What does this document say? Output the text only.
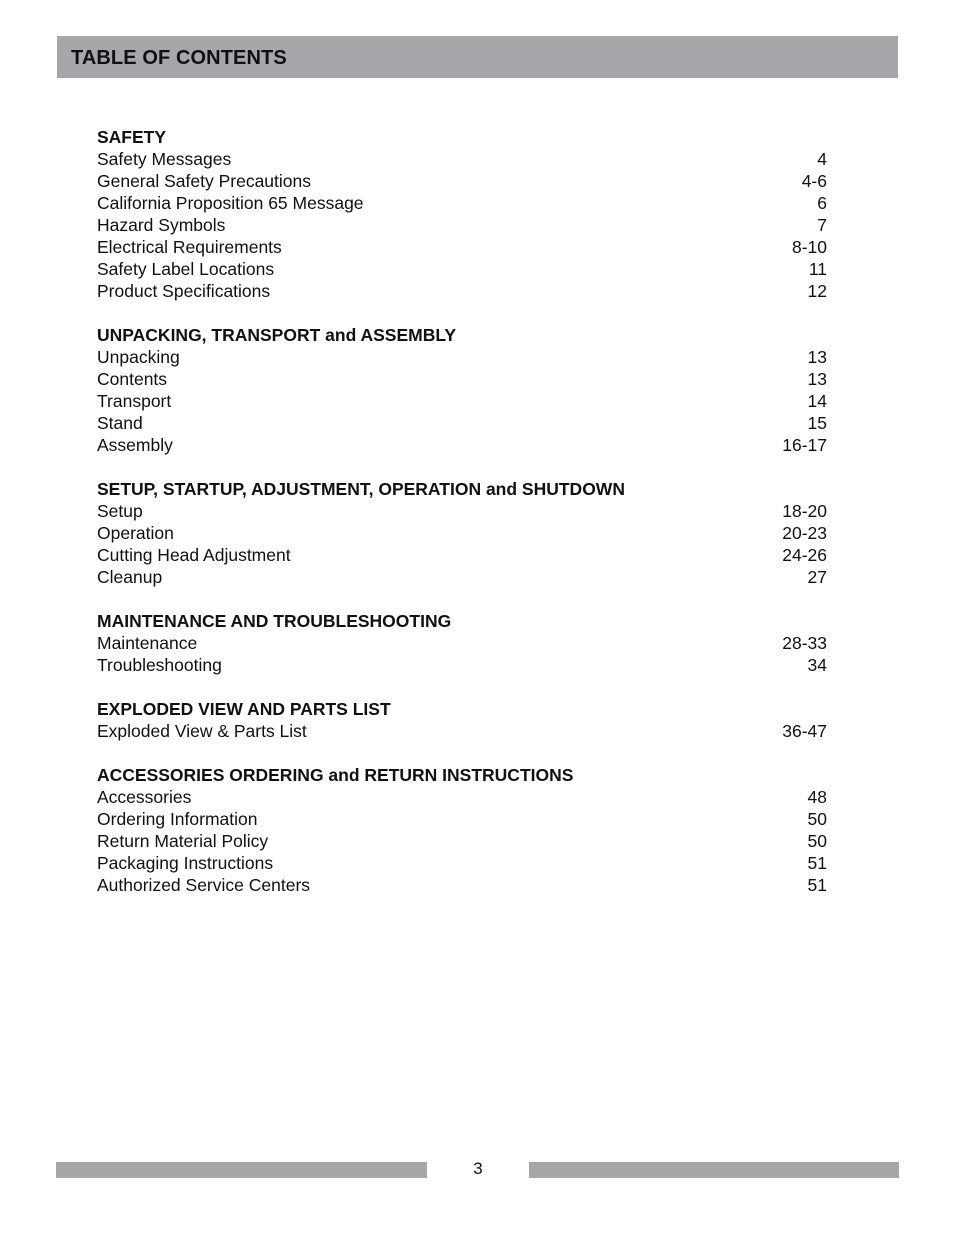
TABLE OF CONTENTS
SAFETY
Safety Messages	4
General Safety Precautions	4-6
California Proposition 65 Message	6
Hazard Symbols	7
Electrical Requirements	8-10
Safety Label Locations	11
Product Specifications	12
UNPACKING, TRANSPORT and ASSEMBLY
Unpacking	13
Contents	13
Transport	14
Stand	15
Assembly	16-17
SETUP, STARTUP, ADJUSTMENT, OPERATION and SHUTDOWN
Setup	18-20
Operation	20-23
Cutting Head Adjustment	24-26
Cleanup	27
MAINTENANCE AND TROUBLESHOOTING
Maintenance	28-33
Troubleshooting	34
EXPLODED VIEW AND PARTS LIST
Exploded View & Parts List	36-47
ACCESSORIES ORDERING and RETURN INSTRUCTIONS
Accessories	48
Ordering Information	50
Return Material Policy	50
Packaging Instructions	51
Authorized Service Centers	51
3
